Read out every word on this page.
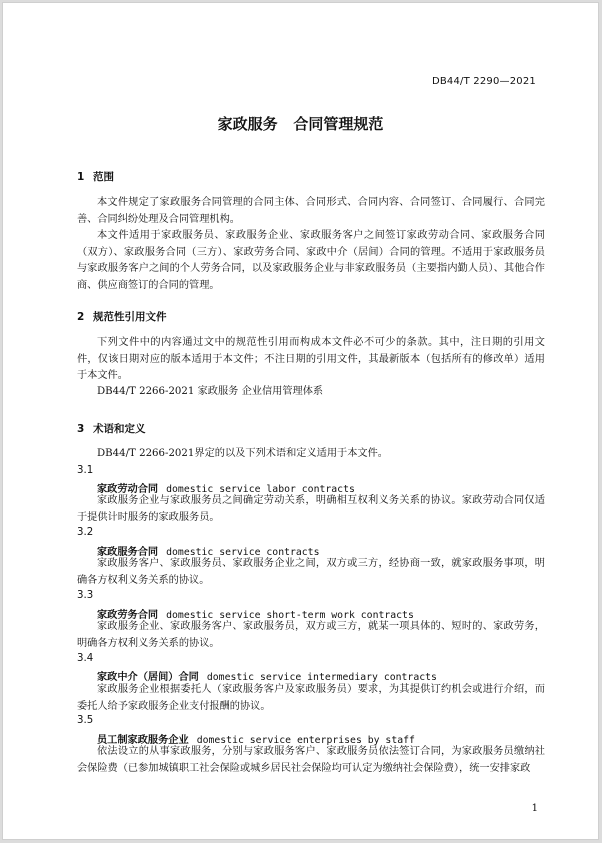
DB44/T 2290—2021
家政服务   合同管理规范
1 范围
本文件规定了家政服务合同管理的合同主体、合同形式、合同内容、合同签订、合同履行、合同完善、合同纠纷处理及合同管理机构。
本文件适用于家政服务员、家政服务企业、家政服务客户之间签订家政劳动合同、家政服务合同（双方）、家政服务合同（三方）、家政劳务合同、家政中介（居间）合同的管理。不适用于家政服务员与家政服务客户之间的个人劳务合同，以及家政服务企业与非家政服务员（主要指内勤人员）、其他合作商、供应商签订的合同的管理。
2 规范性引用文件
下列文件中的内容通过文中的规范性引用而构成本文件必不可少的条款。其中，注日期的引用文件，仅该日期对应的版本适用于本文件；不注日期的引用文件，其最新版本（包括所有的修改单）适用于本文件。
DB44/T 2266-2021 家政服务 企业信用管理体系
3 术语和定义
DB44/T 2266-2021界定的以及下列术语和定义适用于本文件。
3.1
家政劳动合同 domestic service labor contracts
家政服务企业与家政服务员之间确定劳动关系，明确相互权利义务关系的协议。家政劳动合同仅适于提供计时服务的家政服务员。
3.2
家政服务合同 domestic service contracts
家政服务客户、家政服务员、家政服务企业之间，双方或三方，经协商一致，就家政服务事项，明确各方权利义务关系的协议。
3.3
家政劳务合同 domestic service short-term work contracts
家政服务企业、家政服务客户、家政服务员，双方或三方，就某一项具体的、短时的、家政劳务，明确各方权利义务关系的协议。
3.4
家政中介（居间）合同 domestic service intermediary contracts
家政服务企业根据委托人（家政服务客户及家政服务员）要求，为其提供订约机会或进行介绍，而委托人给予家政服务企业支付报酬的协议。
3.5
员工制家政服务企业 domestic service enterprises by staff
依法设立的从事家政服务，分别与家政服务客户、家政服务员依法签订合同，为家政服务员缴纳社会保险费（已参加城镇职工社会保险或城乡居民社会保险均可认定为缴纳社会保险费），统一安排家政
1
